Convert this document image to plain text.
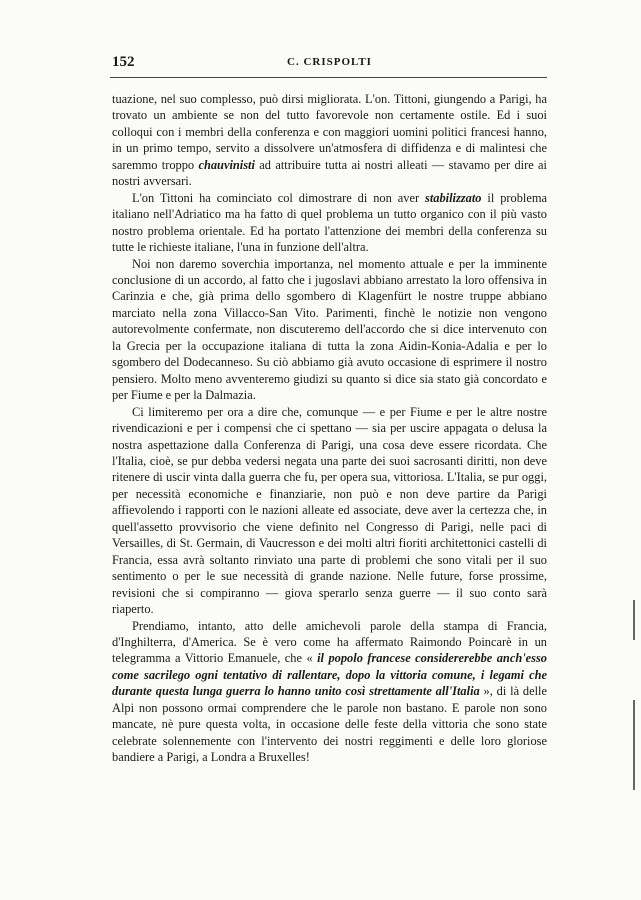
152	C. CRISPOLTI

tuazione, nel suo complesso, può dirsi migliorata. L'on. Tittoni, giungendo a Parigi, ha trovato un ambiente se non del tutto favorevole non certamente ostile. Ed i suoi colloqui con i membri della conferenza e con maggiori uomini politici francesi hanno, in un primo tempo, servito a dissolvere un'atmosfera di diffidenza e di malintesi che saremmo troppo chauvinisti ad attribuire tutta ai nostri alleati — stavamo per dire ai nostri avversari.

L'on Tittoni ha cominciato col dimostrare di non aver stabilizzato il problema italiano nell'Adriatico ma ha fatto di quel problema un tutto organico con il più vasto nostro problema orientale. Ed ha portato l'attenzione dei membri della conferenza su tutte le richieste italiane, l'una in funzione dell'altra.

Noi non daremo soverchia importanza, nel momento attuale e per la imminente conclusione di un accordo, al fatto che i jugoslavi abbiano arrestato la loro offensiva in Carinzia e che, già prima dello sgombero di Klagenfürt le nostre truppe abbiano marciato nella zona Villacco-San Vito. Parimenti, finchè le notizie non vengono autorevolmente confermate, non discuteremo dell'accordo che si dice intervenuto con la Grecia per la occupazione italiana di tutta la zona Aidin-Konia-Adalia e per lo sgombero del Dodecanneso. Su ciò abbiamo già avuto occasione di esprimere il nostro pensiero. Molto meno avventeremo giudizi su quanto si dice sia stato già concordato e per Fiume e per la Dalmazia.

Ci limiteremo per ora a dire che, comunque — e per Fiume e per le altre nostre rivendicazioni e per i compensi che ci spettano — sia per uscire appagata o delusa la nostra aspettazione dalla Conferenza di Parigi, una cosa deve essere ricordata. Che l'Italia, cioè, se pur debba vedersi negata una parte dei suoi sacrosanti diritti, non deve ritenere di uscir vinta dalla guerra che fu, per opera sua, vittoriosa. L'Italia, se pur oggi, per necessità economiche e finanziarie, non può e non deve partire da Parigi affievolendo i rapporti con le nazioni alleate ed associate, deve aver la certezza che, in quell'assetto provvisorio che viene definito nel Congresso di Parigi, nelle paci di Versailles, di St. Germain, di Vaucresson e dei molti altri fioriti architettonici castelli di Francia, essa avrà soltanto rinviato una parte di problemi che sono vitali per il suo sentimento o per le sue necessità di grande nazione. Nelle future, forse prossime, revisioni che si compiranno — giova sperarlo senza guerre — il suo conto sarà riaperto.

Prendiamo, intanto, atto delle amichevoli parole della stampa di Francia, d'Inghilterra, d'America. Se è vero come ha affermato Raimondo Poincarè in un telegramma a Vittorio Emanuele, che « il popolo francese considererebbe anch'esso come sacrilego ogni tentativo di rallentare, dopo la vittoria comune, i legami che durante questa lunga guerra lo hanno unito così strettamente all'Italia », di là delle Alpi non possono ormai comprendere che le parole non bastano. E parole non sono mancate, nè pure questa volta, in occasione delle feste della vittoria che sono state celebrate solennemente con l'intervento dei nostri reggimenti e delle loro gloriose bandiere a Parigi, a Londra a Bruxelles!
